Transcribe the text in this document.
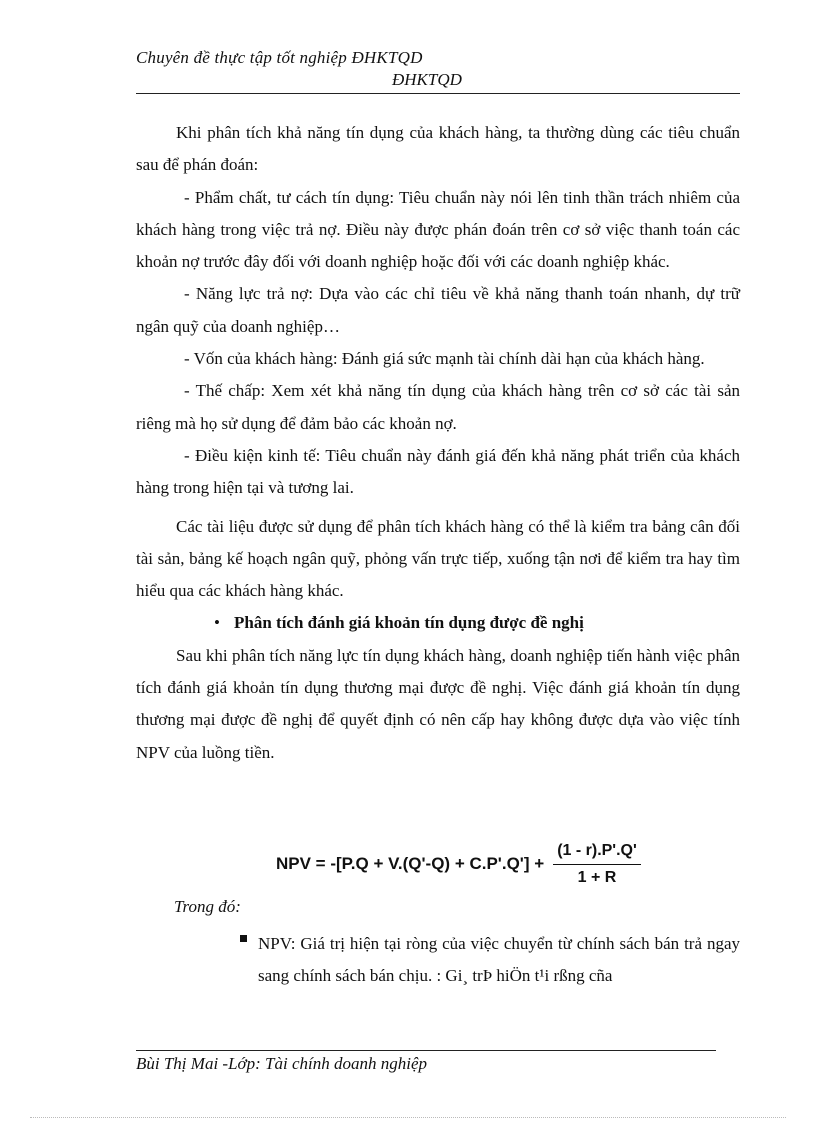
Chuyên đề thực tập tốt nghiệp ĐHKTQD
ĐHKTQD

Khi phân tích khả năng tín dụng của khách hàng, ta thường dùng các tiêu chuẩn sau để phán đoán:

- Phẩm chất, tư cách tín dụng: Tiêu chuẩn này nói lên tinh thần trách nhiêm của khách hàng trong việc trả nợ. Điều này được phán đoán trên cơ sở việc thanh toán các khoản nợ trước đây đối với doanh nghiệp hoặc đối với các doanh nghiệp khác.

- Năng lực trả nợ: Dựa vào các chỉ tiêu về khả năng thanh toán nhanh, dự trữ ngân quỹ của doanh nghiệp…

- Vốn của khách hàng: Đánh giá sức mạnh tài chính dài hạn của khách hàng.

- Thế chấp: Xem xét khả năng tín dụng của khách hàng trên cơ sở các tài sản riêng mà họ sử dụng để đảm bảo các khoản nợ.

- Điều kiện kinh tế: Tiêu chuẩn này đánh giá đến khả năng phát triển của khách hàng trong hiện tại và tương lai.

Các tài liệu được sử dụng để phân tích khách hàng có thể là kiểm tra bảng cân đối tài sản, bảng kế hoạch ngân quỹ, phỏng vấn trực tiếp, xuống tận nơi để kiểm tra hay tìm hiểu qua các khách hàng khác.

• Phân tích đánh giá khoản tín dụng được đề nghị

Sau khi phân tích năng lực tín dụng khách hàng, doanh nghiệp tiến hành việc phân tích đánh giá khoản tín dụng thương mại được đề nghị. Việc đánh giá khoản tín dụng thương mại được đề nghị để quyết định có nên cấp hay không được dựa vào việc tính NPV của luồng tiền.

NPV = -[P.Q + V.(Q'-Q) + C.P'.Q'] +
(1 - r).P'.Q'
1 + R
Trong đó:
NPV: Giá trị hiện tại ròng của việc chuyển từ chính sách bán trả ngay sang chính sách bán chịu. : Gi¸ trÞ hiÖn t¹i rßng cña
Bùi Thị Mai -Lớp: Tài chính doanh nghiệp
